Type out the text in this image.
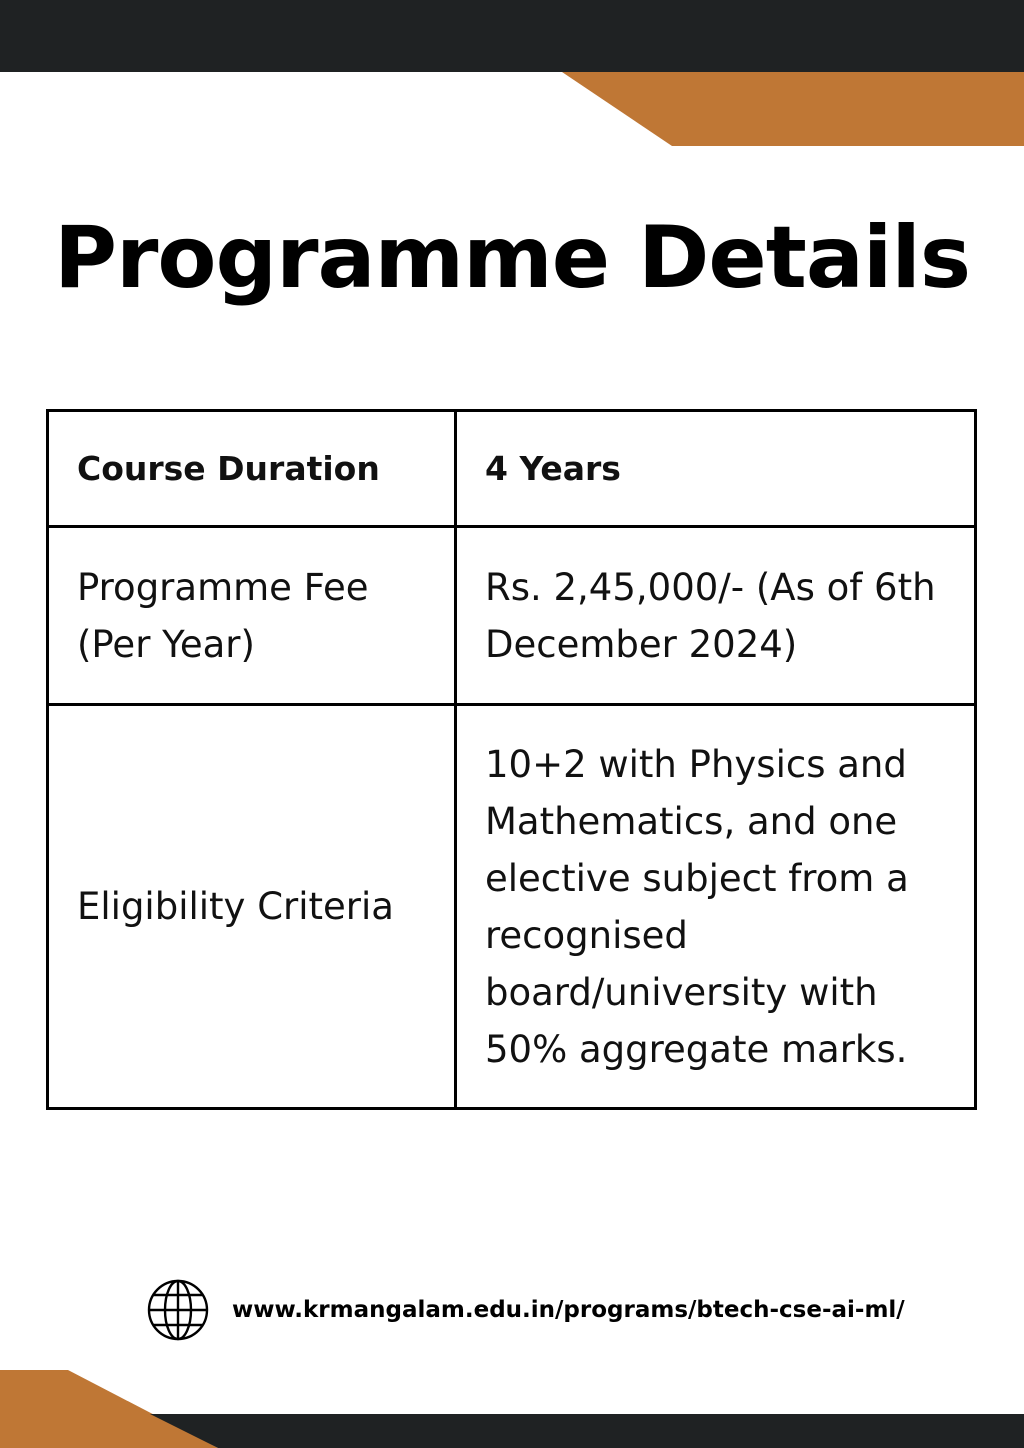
Programme Details
Course Duration	4 Years
Programme Fee (Per Year)	Rs. 2,45,000/- (As of 6th December 2024)
Eligibility Criteria	10+2 with Physics and Mathematics, and one elective subject from a recognised board/university with 50% aggregate marks.
www.krmangalam.edu.in/programs/btech-cse-ai-ml/
